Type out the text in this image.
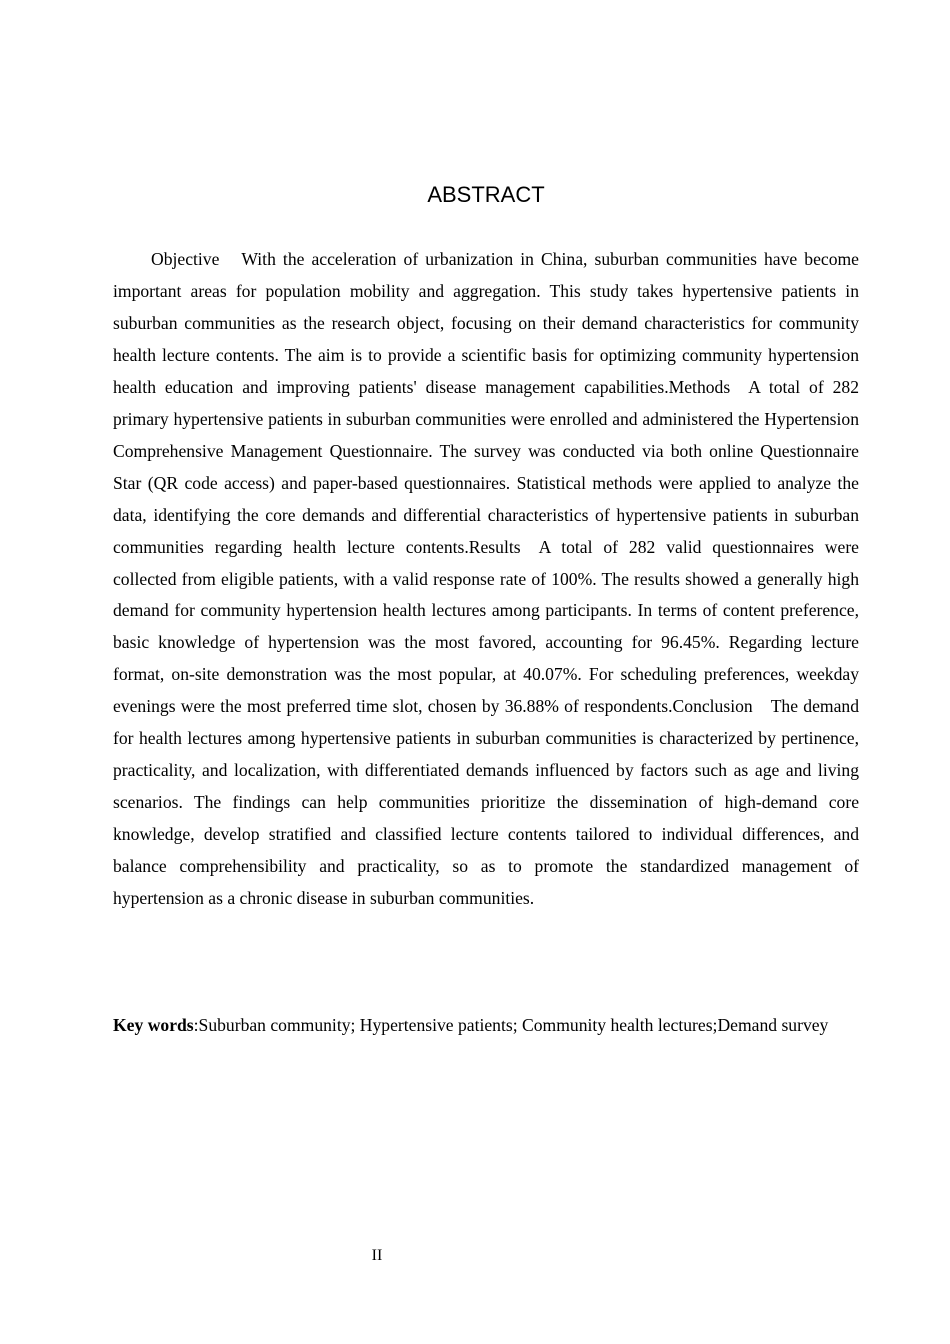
ABSTRACT

Objective With the acceleration of urbanization in China, suburban communities have become important areas for population mobility and aggregation. This study takes hypertensive patients in suburban communities as the research object, focusing on their demand characteristics for community health lecture contents. The aim is to provide a scientific basis for optimizing community hypertension health education and improving patients' disease management capabilities.Methods A total of 282 primary hypertensive patients in suburban communities were enrolled and administered the Hypertension Comprehensive Management Questionnaire. The survey was conducted via both online Questionnaire Star (QR code access) and paper-based questionnaires. Statistical methods were applied to analyze the data, identifying the core demands and differential characteristics of hypertensive patients in suburban communities regarding health lecture contents.Results A total of 282 valid questionnaires were collected from eligible patients, with a valid response rate of 100%. The results showed a generally high demand for community hypertension health lectures among participants. In terms of content preference, basic knowledge of hypertension was the most favored, accounting for 96.45%. Regarding lecture format, on-site demonstration was the most popular, at 40.07%. For scheduling preferences, weekday evenings were the most preferred time slot, chosen by 36.88% of respondents.Conclusion The demand for health lectures among hypertensive patients in suburban communities is characterized by pertinence, practicality, and localization, with differentiated demands influenced by factors such as age and living scenarios. The findings can help communities prioritize the dissemination of high-demand core knowledge, develop stratified and classified lecture contents tailored to individual differences, and balance comprehensibility and practicality, so as to promote the standardized management of hypertension as a chronic disease in suburban communities.

Key words:Suburban community; Hypertensive patients; Community health lectures;Demand survey

II
